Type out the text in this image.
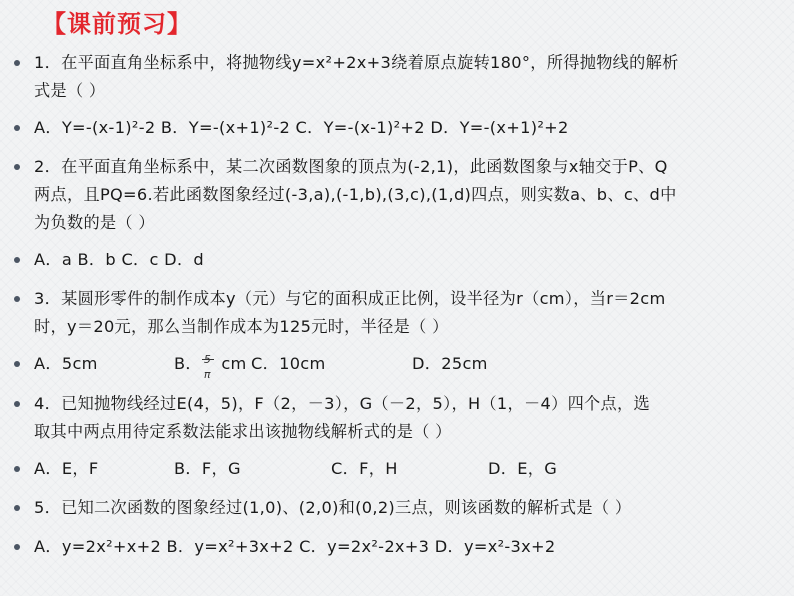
【课前预习】
1．在平面直角坐标系中，将抛物线y=x²+2x+3绕着原点旋转180°，所得抛物线的解析
式是（ ）
A．Y=-(x-1)²-2 B．Y=-(x+1)²-2 C．Y=-(x-1)²+2 D．Y=-(x+1)²+2
2．在平面直角坐标系中，某二次函数图象的顶点为(-2,1)，此函数图象与x轴交于P、Q
两点，且PQ=6.若此函数图象经过(-3,a),(-1,b),(3,c),(1,d)四点，则实数a、b、c、d中
为负数的是（ ）
A．a B．b C．c D．d
3．某圆形零件的制作成本y（元）与它的面积成正比例，设半径为r（cm），当r＝2cm
时，y＝20元，那么当制作成本为125元时，半径是（ ）
A．5cm	B． 5
π
cm C．10cm	D．25cm
4．已知抛物线经过E(4，5)，F（2，－3），G（－2，5），H（1，－4）四个点，选
取其中两点用待定系数法能求出该抛物线解析式的是（ ）
A．E，F	B．F，G	C．F，H	D．E，G
5．已知二次函数的图象经过(1,0)、(2,0)和(0,2)三点，则该函数的解析式是（ ）
A．y=2x²+x+2 B．y=x²+3x+2 C．y=2x²-2x+3 D．y=x²-3x+2
